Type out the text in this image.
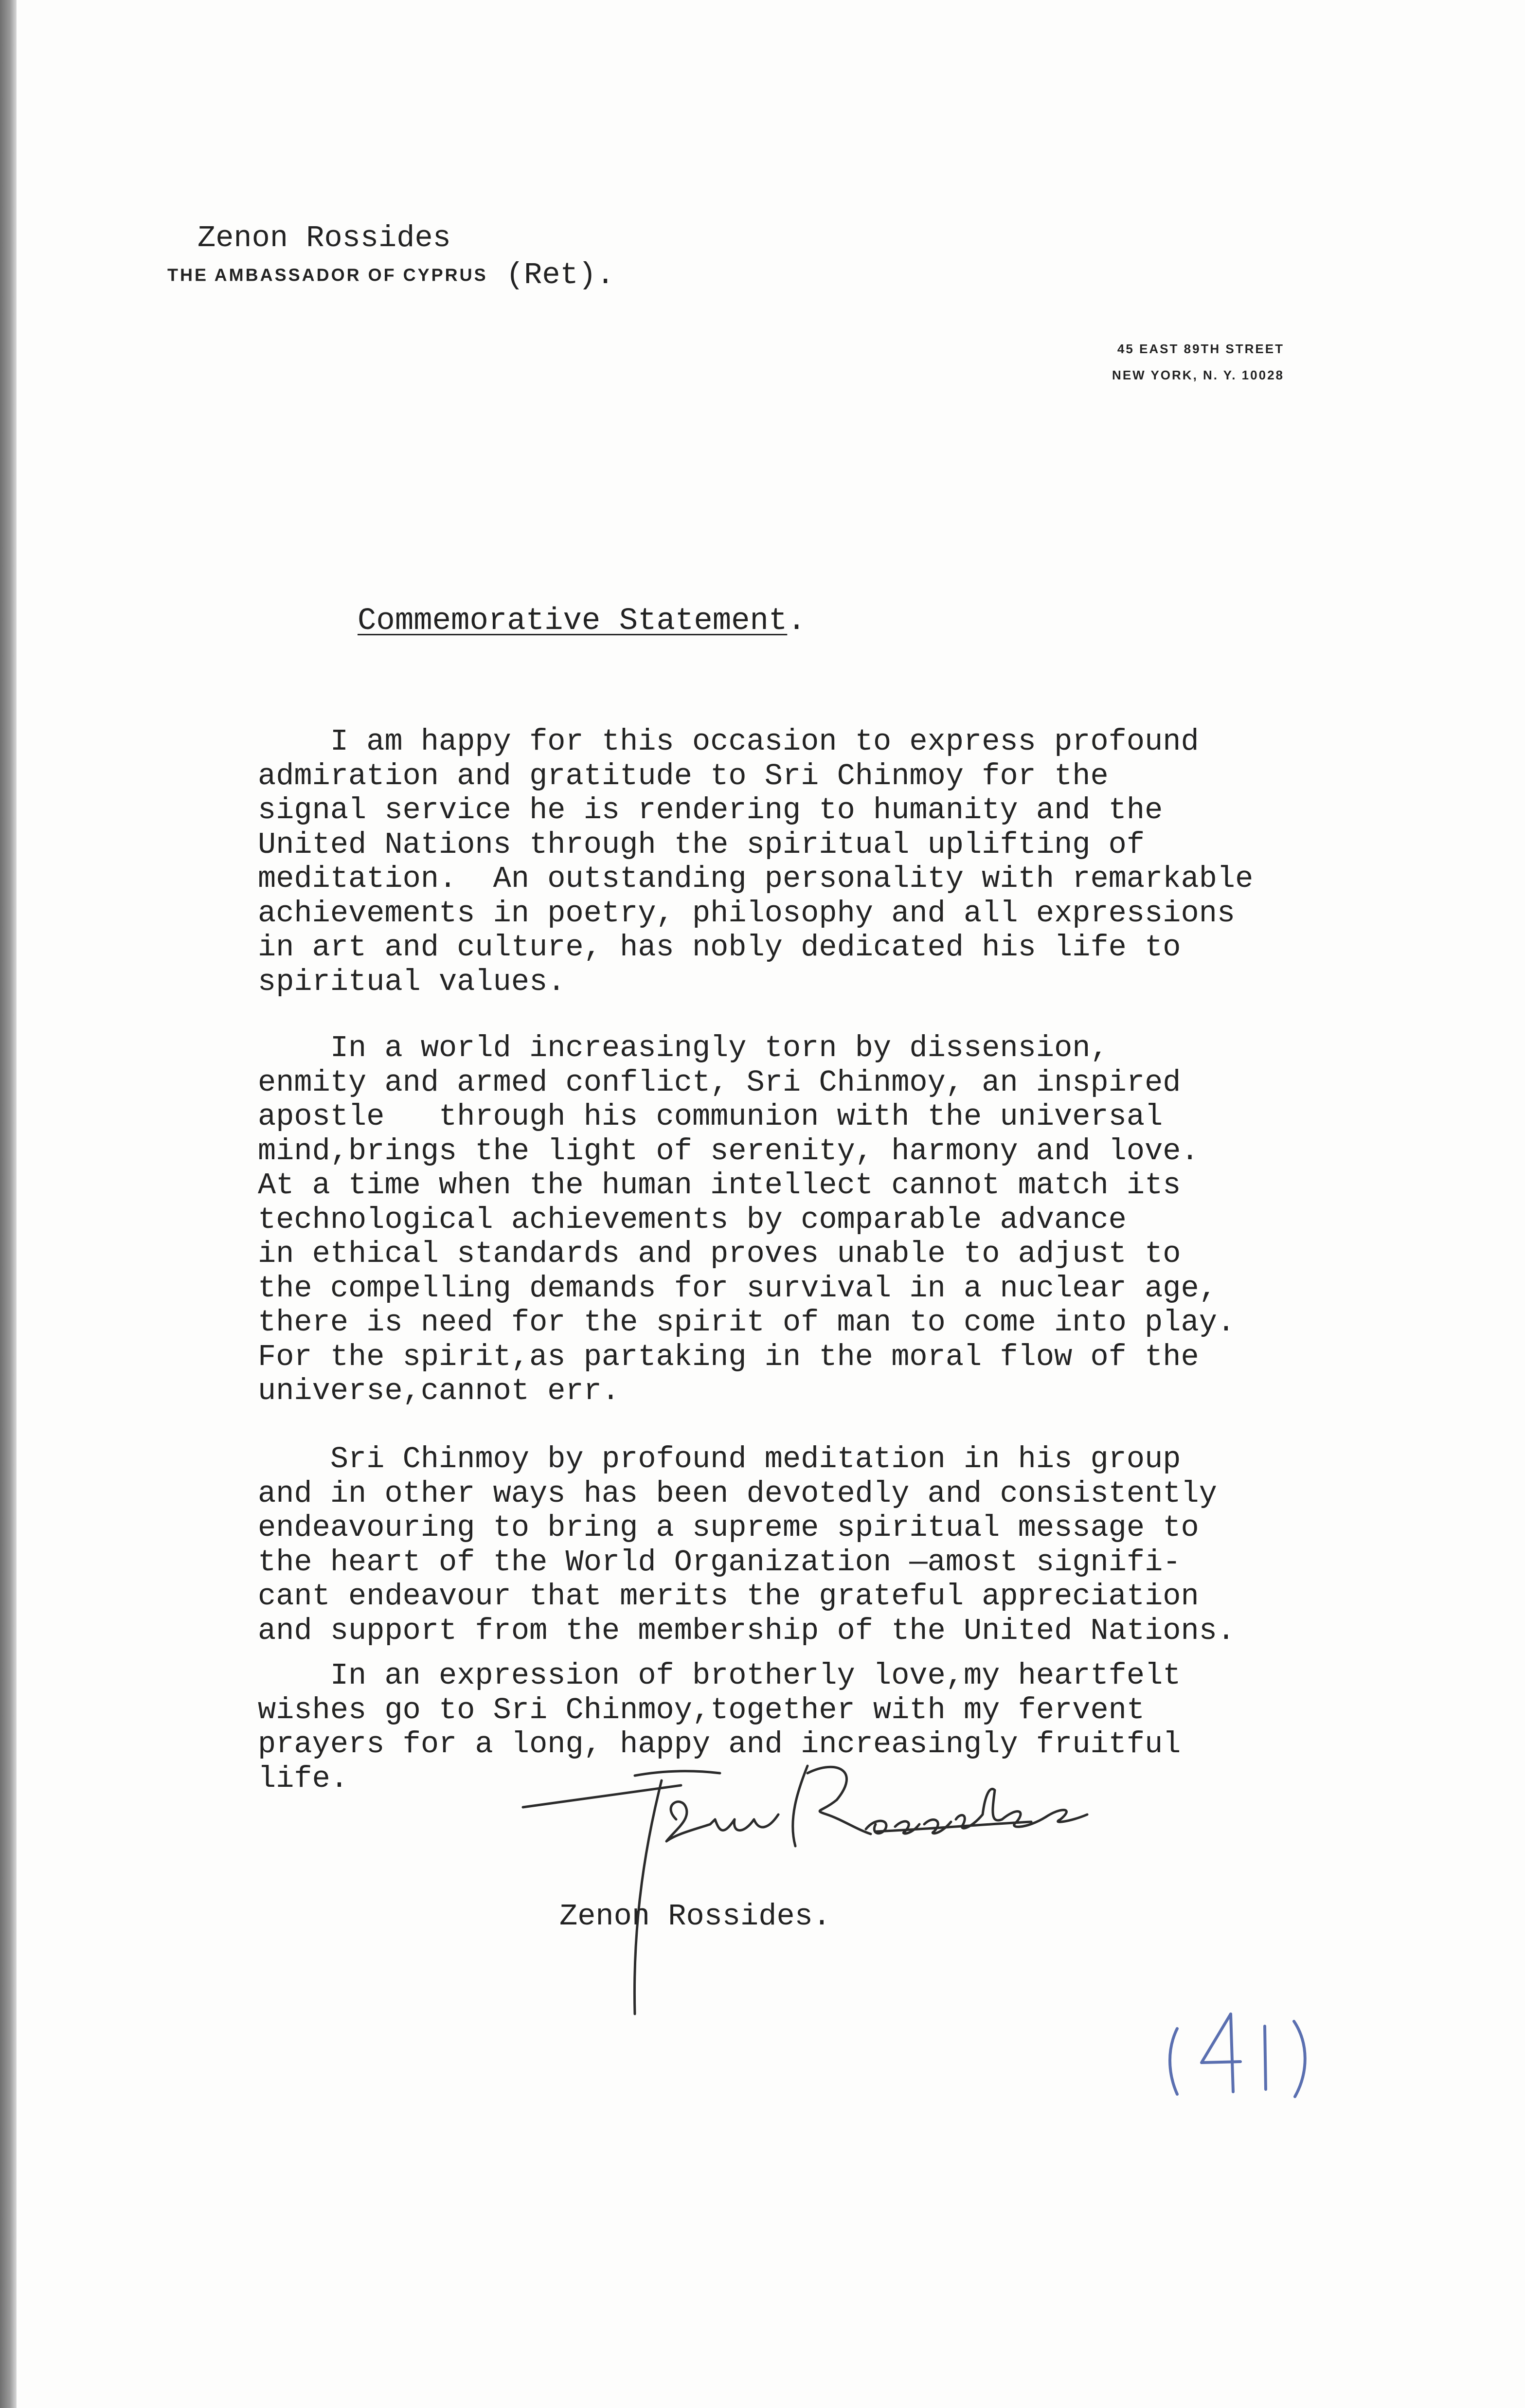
Zenon Rossides
THE AMBASSADOR OF CYPRUS (Ret).
45 EAST 89TH STREET
NEW YORK, N. Y. 10028
Commemorative Statement.

I am happy for this occasion to express profound
admiration and gratitude to Sri Chinmoy for the
signal service he is rendering to humanity and the
United Nations through the spiritual uplifting of
meditation.  An outstanding personality with remarkable
achievements in poetry, philosophy and all expressions
in art and culture, has nobly dedicated his life to
spiritual values.

In a world increasingly torn by dissension,
enmity and armed conflict, Sri Chinmoy, an inspired
apostle   through his communion with the universal
mind,brings the light of serenity, harmony and love.
At a time when the human intellect cannot match its
technological achievements by comparable advance
in ethical standards and proves unable to adjust to
the compelling demands for survival in a nuclear age,
there is need for the spirit of man to come into play.
For the spirit,as partaking in the moral flow of the
universe,cannot err.

Sri Chinmoy by profound meditation in his group
and in other ways has been devotedly and consistently
endeavouring to bring a supreme spiritual message to
the heart of the World Organization —amost signifi-
cant endeavour that merits the grateful appreciation
and support from the membership of the United Nations.

In an expression of brotherly love,my heartfelt
wishes go to Sri Chinmoy,together with my fervent
prayers for a long, happy and increasingly fruitful
life.

Zenon Rossides.
